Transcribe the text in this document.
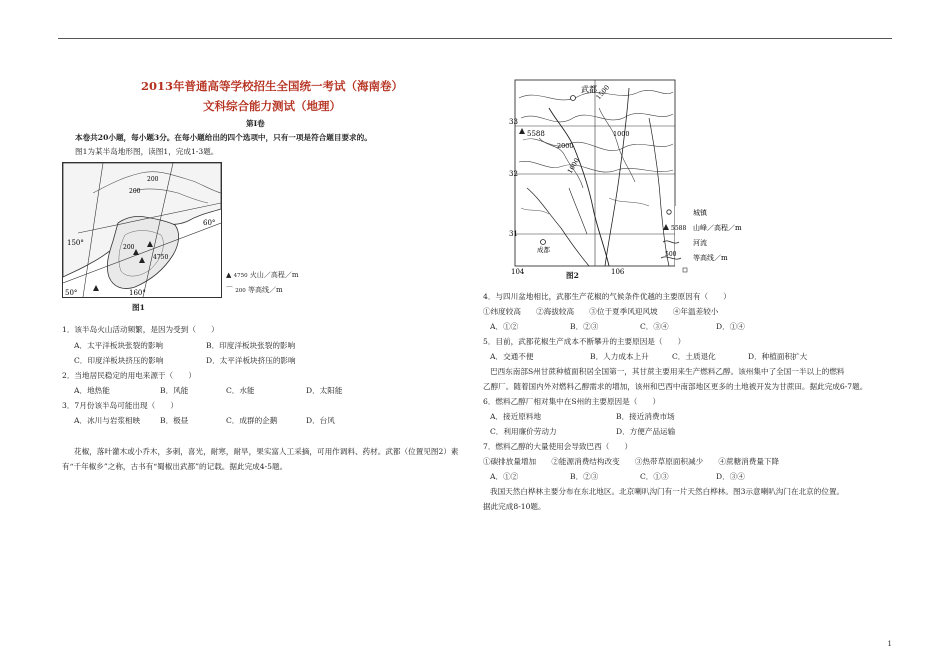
2013年普通高等学校招生全国统一考试（海南卷）
文科综合能力测试（地理）
第Ⅰ卷
本卷共20小题，每小题3分。在每小题给出的四个选项中，只有一项是符合题目要求的。
图1为某半岛地形图，读图1，完成1-3题。
200
200
200
4750
60°
150°
160°
50°
▲ 4750 火山／高程／m
⌒ 200 等高线／m
图1
1．该半岛火山活动频繁，是因为受到（　　）
A．太平洋板块张裂的影响	B．印度洋板块张裂的影响
C．印度洋板块挤压的影响	D．太平洋板块挤压的影响
2．当地居民稳定的用电来源于（　　）
A．地热能	B．风能	C．水能	D．太阳能
3．7月份该半岛可能出现（　　）
A．冰川与岩浆相映	B．极昼	C．成群的企鹅	D．台风
花椒，落叶灌木或小乔木，多刺，喜光，耐寒，耐旱，果实富人工采摘，可用作调料、药材。武都（位置见图2）素
有“千年椒乡”之称，古书有“蜀椒出武都”的记载。据此完成4-5题。
武都
5588
1500
2000
1000
1000
33
32
31
104	106
成都
城镇
5588 山峰／高程／m
河流
500 等高线／m
图2
4．与四川盆地相比，武都生产花椒的气候条件优越的主要原因有（　　）
①纬度较高　　②海拔较高　　③位于夏季风迎风坡　　④年温差较小
A．①②	B．②③	C．③④	D．①④
5．目前，武都花椒生产成本不断攀升的主要原因是（　　）
A．交通不便	B．人力成本上升	C．土质退化	D．种植面积扩大
巴西东南部S州甘蔗种植面积居全国第一，其甘蔗主要用来生产燃料乙醇。该州集中了全国一半以上的燃料
乙醇厂。随着国内外对燃料乙醇需求的增加，该州和巴西中南部地区更多的土地被开发为甘蔗田。据此完成6-7题。
6．燃料乙醇厂相对集中在S州的主要原因是（　　）
A．接近原料地	B．接近消费市场
C．利用廉价劳动力	D．方便产品运输
7．燃料乙醇的大量使用会导致巴西（　　）
①碳排放量增加　　②能源消费结构改变　　③热带草原面积减少　　④蔗糖消费量下降
A．①②	B．②③	C．①③	D．③④
我国天然白桦林主要分布在东北地区。北京喇叭沟门有一片天然白桦林。图3示意喇叭沟门在北京的位置。
据此完成8-10题。
1
